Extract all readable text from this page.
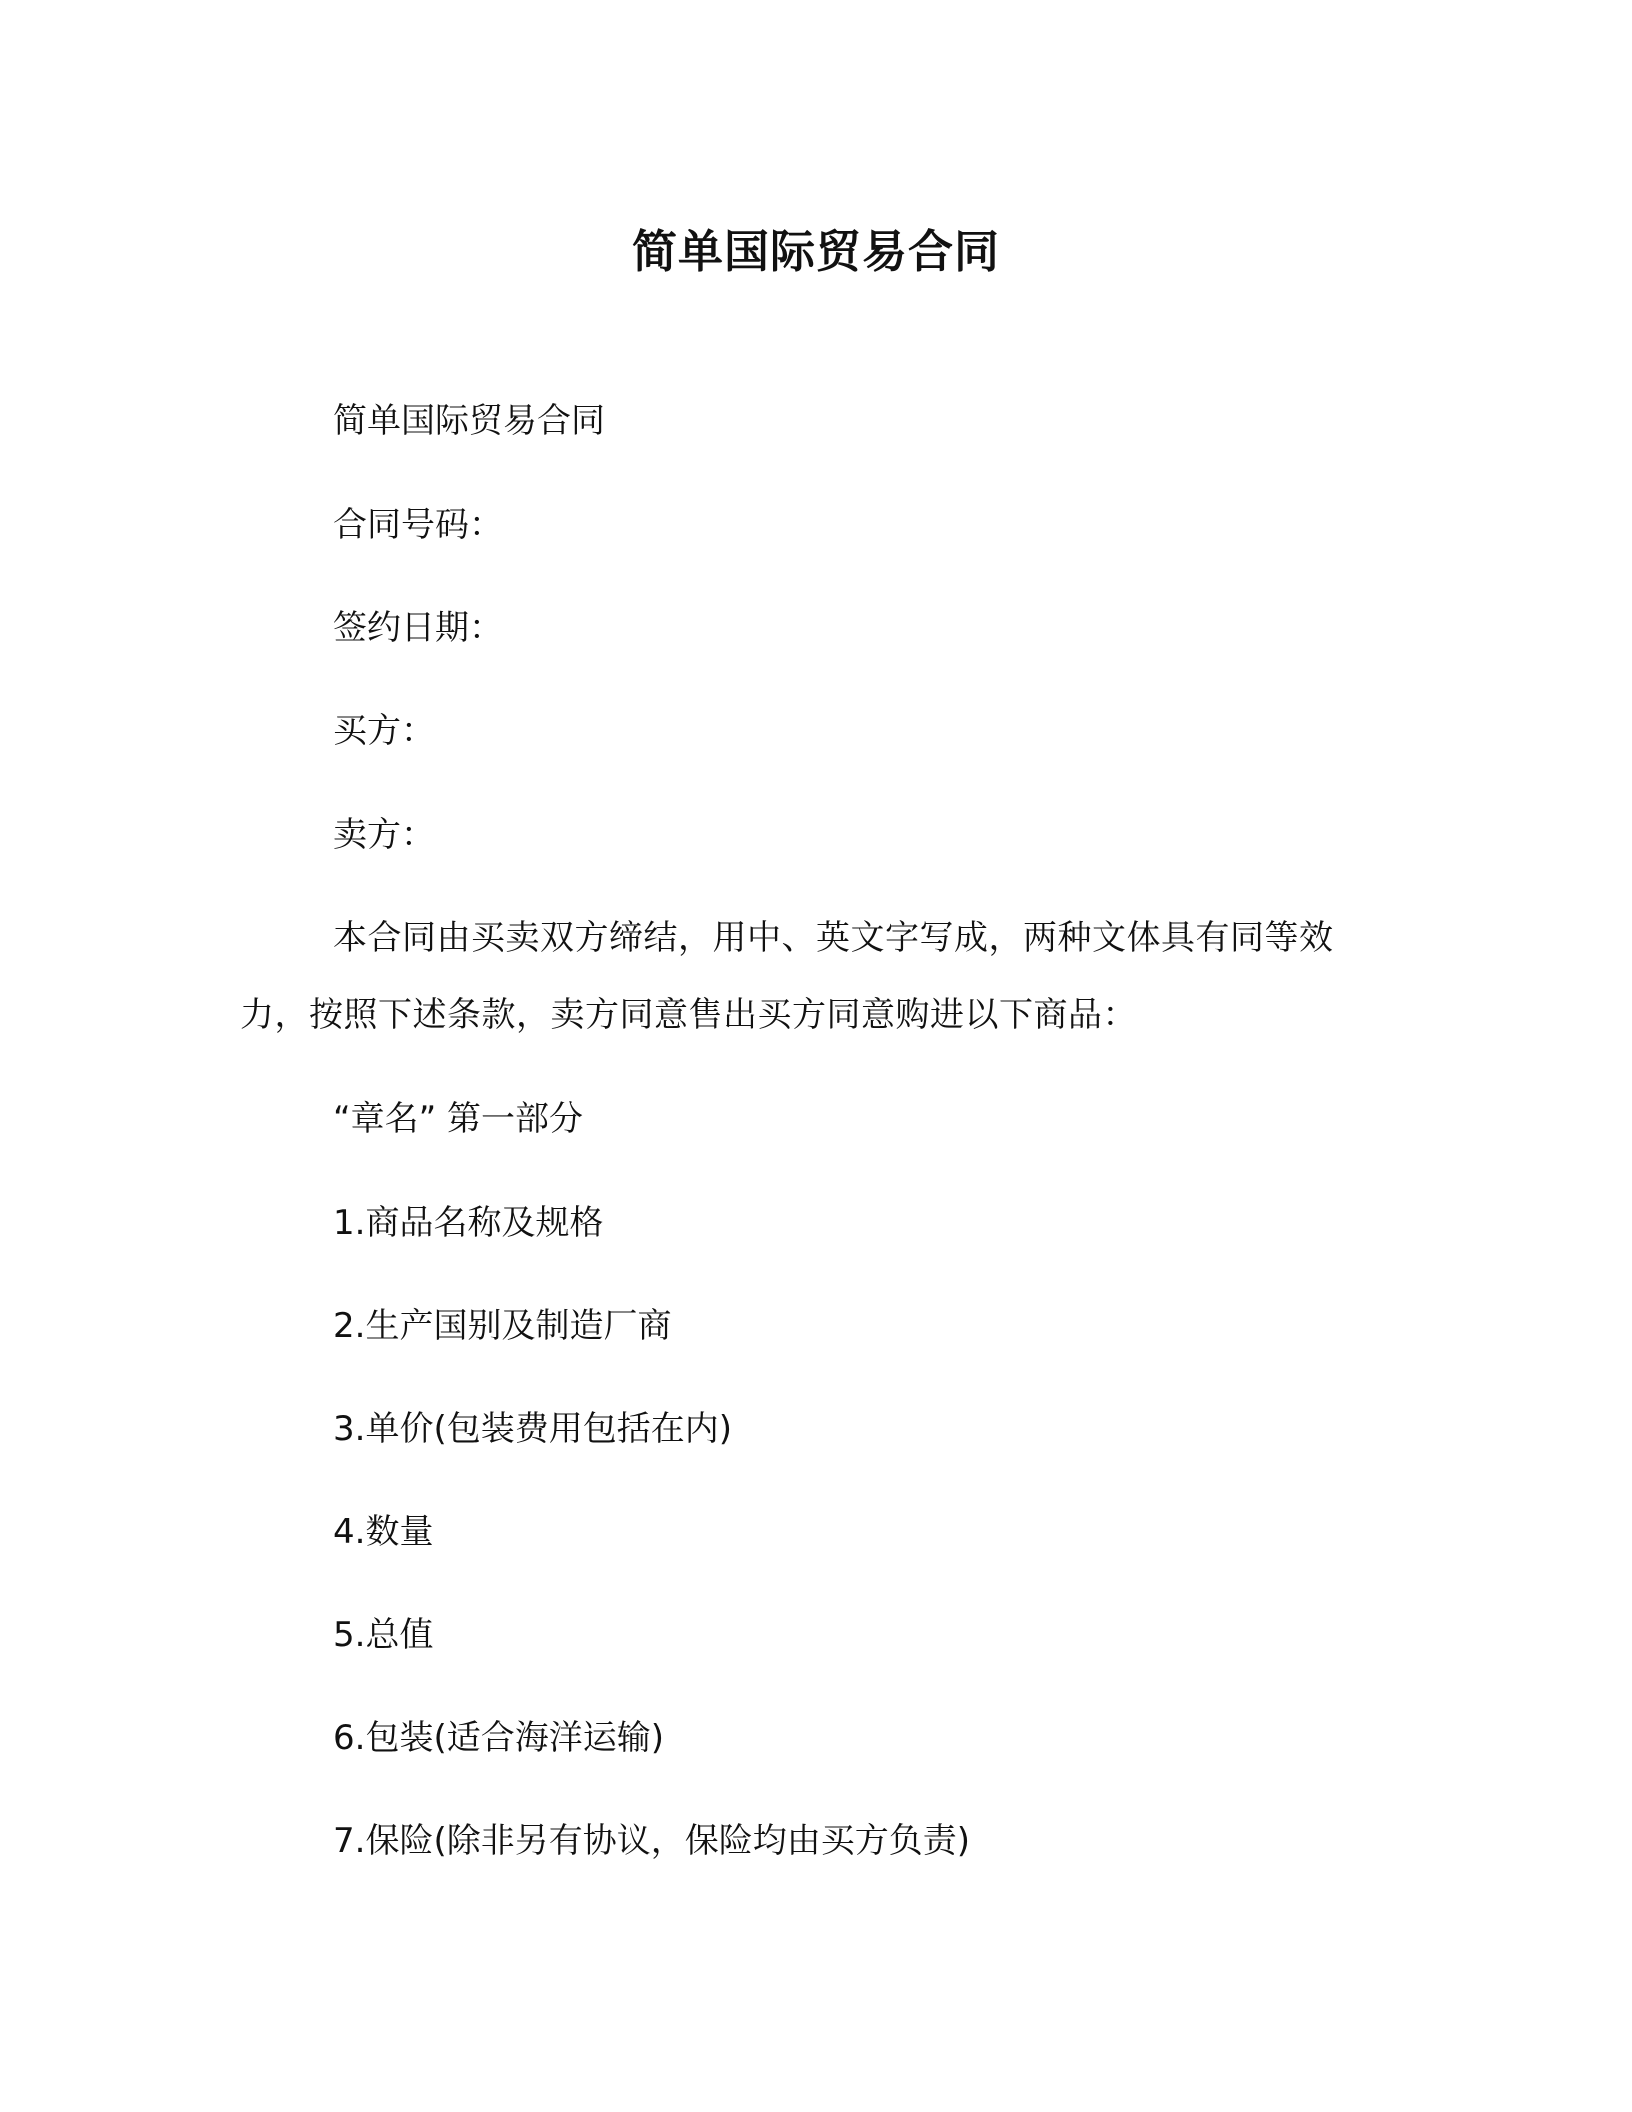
简单国际贸易合同
简单国际贸易合同
合同号码：
签约日期：
买方：
卖方：
本合同由买卖双方缔结，用中、英文字写成，两种文体具有同等效力，按照下述条款，卖方同意售出买方同意购进以下商品：
“章名” 第一部分
1.商品名称及规格
2.生产国别及制造厂商
3.单价(包装费用包括在内)
4.数量
5.总值
6.包装(适合海洋运输)
7.保险(除非另有协议，保险均由买方负责)
